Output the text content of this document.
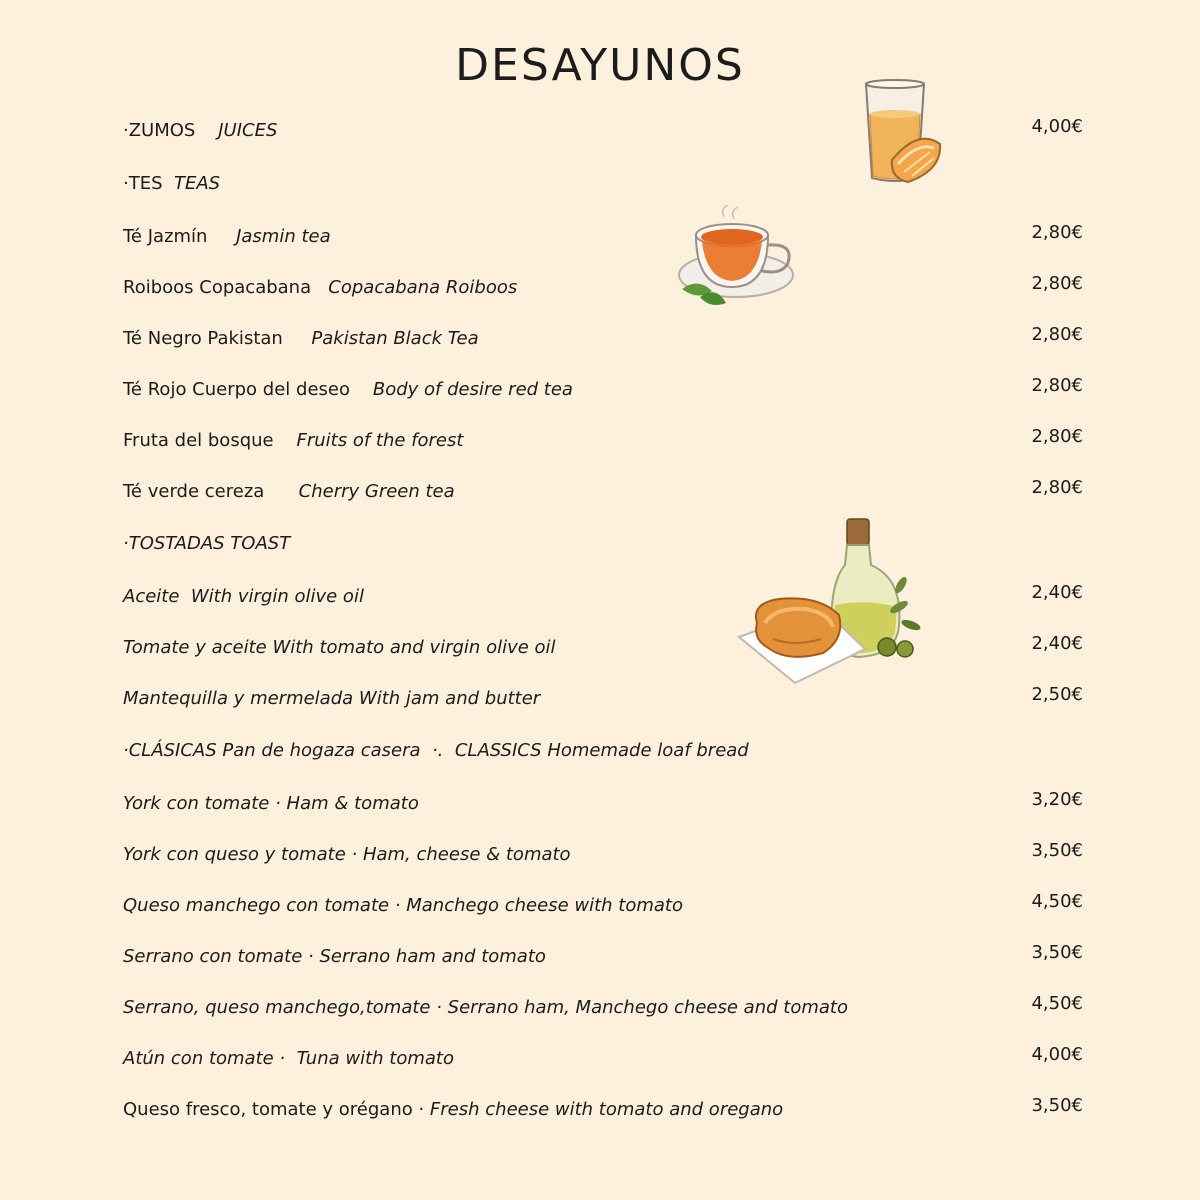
DESAYUNOS
·ZUMOS JUICES	4,00€
·TES TEAS
Té Jazmín Jasmin tea	2,80€
Roiboos Copacabana Copacabana Roiboos	2,80€
Té Negro Pakistan Pakistan Black Tea	2,80€
Té Rojo Cuerpo del deseo Body of desire red tea	2,80€
Fruta del bosque Fruits of the forest	2,80€
Té verde cereza Cherry Green tea	2,80€
·TOSTADAS TOAST
Aceite With virgin olive oil	2,40€
Tomate y aceite With tomato and virgin olive oil	2,40€
Mantequilla y mermelada With jam and butter	2,50€
·CLÁSICAS Pan de hogaza casera  ·.  CLASSICS Homemade loaf bread
York con tomate · Ham & tomato	3,20€
York con queso y tomate · Ham, cheese & tomato	3,50€
Queso manchego con tomate · Manchego cheese with tomato	4,50€
Serrano con tomate · Serrano ham and tomato	3,50€
Serrano, queso manchego,tomate · Serrano ham, Manchego cheese and tomato	4,50€
Atún con tomate ·  Tuna with tomato	4,00€
Queso fresco, tomate y orégano · Fresh cheese with tomato and oregano	3,50€
